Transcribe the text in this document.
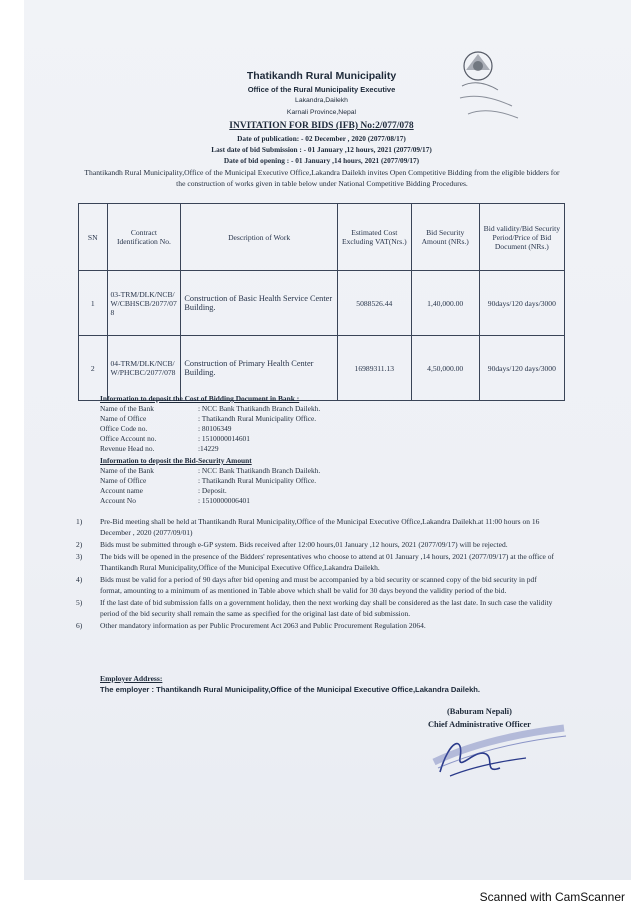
Thatikandh Rural Municipality
Office of the Rural Municipality Executive
Lakandra,Dailekh
Karnali Province,Nepal
INVITATION FOR BIDS (IFB) No:2/077/078
Date of publication: - 02 December , 2020 (2077/08/17)
Last date of bid Submission : - 01 January ,12 hours, 2021 (2077/09/17)
Date of bid opening : - 01 January ,14 hours, 2021 (2077/09/17)
Thantikandh Rural Municipality,Office of the Municipal Executive Office,Lakandra Dailekh invites Open Competitive Bidding from the eligible bidders for the construction of works given in table below under National Competitive Bidding Procedures.
SN	Contract Identification No.	Description of Work	Estimated Cost Excluding VAT(Nrs.)	Bid Security Amount (NRs.)	Bid validity/Bid Security Period/Price of Bid Document (NRs.)
1	03-TRM/DLK/NCB/W/CBHSCB/2077/078	Construction of Basic Health Service Center Building.	5088526.44	1,40,000.00	90days/120 days/3000
2	04-TRM/DLK/NCB/W/PHCBC/2077/078	Construction of Primary Health Center Building.	16989311.13	4,50,000.00	90days/120 days/3000
Information to deposit the Cost of Bidding Document in Bank :
Name of the Bank	: NCC Bank Thatikandh Branch Dailekh.
Name of Office	: Thatikandh Rural Municipality Office.
Office Code no.	: 80106349
Office Account no.	: 1510000014601
Revenue Head no.	:14229
Information to deposit the Bid-Security Amount
Name of the Bank	: NCC Bank Thatikandh Branch Dailekh.
Name of Office	: Thatikandh Rural Municipality Office.
Account name	: Deposit.
Account No	: 1510000006401
1)	Pre-Bid meeting shall be held at Thantikandh Rural Municipality,Office of the Municipal Executive Office,Lakandra Dailekh.at 11:00 hours on 16 December , 2020 (2077/09/01)
2)	Bids must be submitted through e-GP system. Bids received after 12:00 hours,01 January ,12 hours, 2021 (2077/09/17) will be rejected.
3)	The bids will be opened in the presence of the Bidders' representatives who choose to attend at 01 January ,14 hours, 2021 (2077/09/17) at the office of Thantikandh Rural Municipality,Office of the Municipal Executive Office,Lakandra Dailekh.
4)	Bids must be valid for a period of 90 days after bid opening and must be accompanied by a bid security or scanned copy of the bid security in pdf format, amounting to a minimum of as mentioned in Table above which shall be valid for 30 days beyond the validity period of the bid.
5)	If the last date of bid submission falls on a government holiday, then the next working day shall be considered as the last date. In such case the validity period of the bid security shall remain the same as specified for the original last date of bid submission.
6)	Other mandatory information as per Public Procurement Act 2063 and Public Procurement Regulation 2064.
Employer Address:
The employer : Thantikandh Rural Municipality,Office of the Municipal Executive Office,Lakandra Dailekh.
(Baburam Nepali)
Chief Administrative Officer
Scanned with CamScanner
